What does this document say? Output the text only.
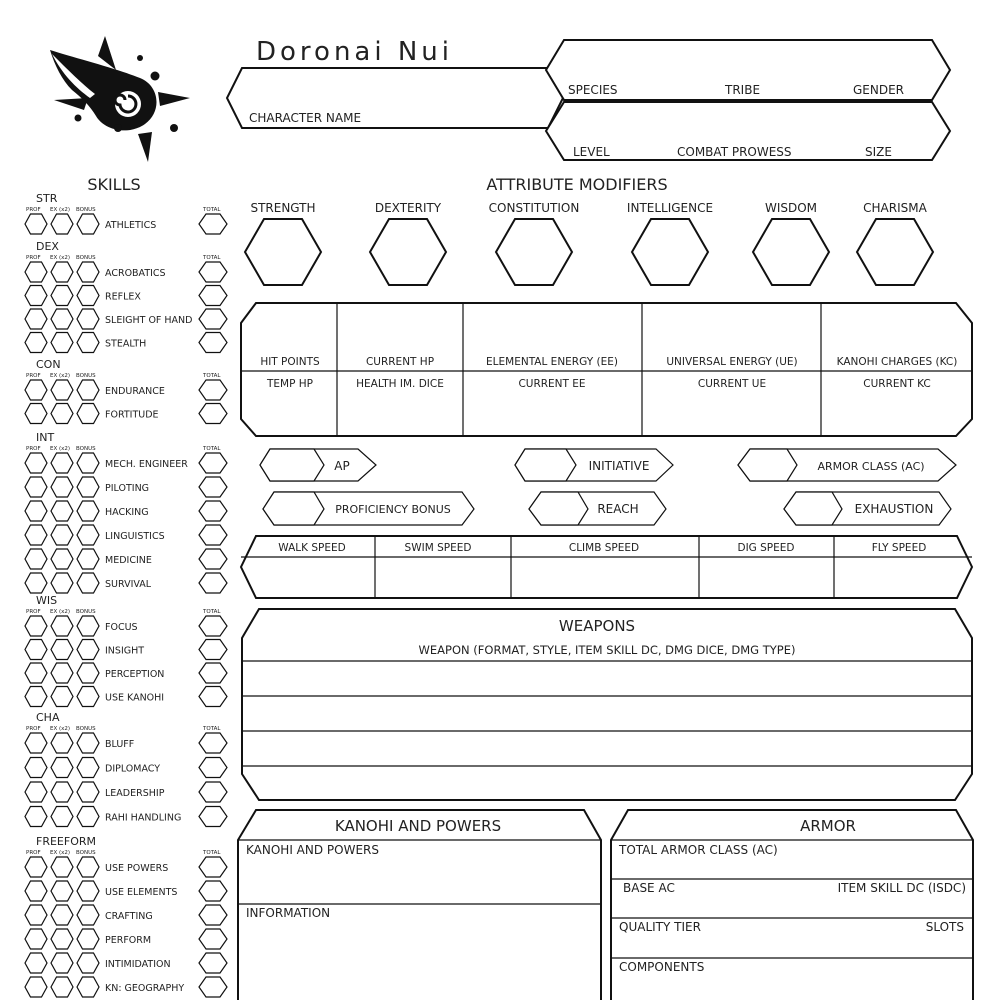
Doronai Nui
CHARACTER NAME
SPECIES	TRIBE	GENDER
LEVEL	COMBAT PROWESS	SIZE
SKILLS
STR
PROF EX (x2) BONUS	TOTAL
ATHLETICS
DEX
PROF EX (x2) BONUS	TOTAL
ACROBATICS
REFLEX
SLEIGHT OF HAND
STEALTH
CON
PROF EX (x2) BONUS	TOTAL
ENDURANCE
FORTITUDE
INT
PROF EX (x2) BONUS	TOTAL
MECH. ENGINEER
PILOTING
HACKING
LINGUISTICS
MEDICINE
SURVIVAL
WIS
PROF EX (x2) BONUS	TOTAL
FOCUS
INSIGHT
PERCEPTION
USE KANOHI
CHA
PROF EX (x2) BONUS	TOTAL
BLUFF
DIPLOMACY
LEADERSHIP
RAHI HANDLING
FREEFORM
PROF EX (x2) BONUS	TOTAL
USE POWERS
USE ELEMENTS
CRAFTING
PERFORM
INTIMIDATION
KN: GEOGRAPHY
ATTRIBUTE MODIFIERS
STRENGTH	DEXTERITY	CONSTITUTION	INTELLIGENCE	WISDOM	CHARISMA
HIT POINTS	CURRENT HP	ELEMENTAL ENERGY (EE)	UNIVERSAL ENERGY (UE)	KANOHI CHARGES (KC)
TEMP HP	HEALTH IM. DICE	CURRENT EE	CURRENT UE	CURRENT KC
AP	INITIATIVE	ARMOR CLASS (AC)
PROFICIENCY BONUS	REACH	EXHAUSTION
WALK SPEED	SWIM SPEED	CLIMB SPEED	DIG SPEED	FLY SPEED
WEAPONS
WEAPON (FORMAT, STYLE, ITEM SKILL DC, DMG DICE, DMG TYPE)
KANOHI AND POWERS
KANOHI AND POWERS
INFORMATION
ARMOR
TOTAL ARMOR CLASS (AC)
BASE AC	ITEM SKILL DC (ISDC)
QUALITY TIER	SLOTS
COMPONENTS
